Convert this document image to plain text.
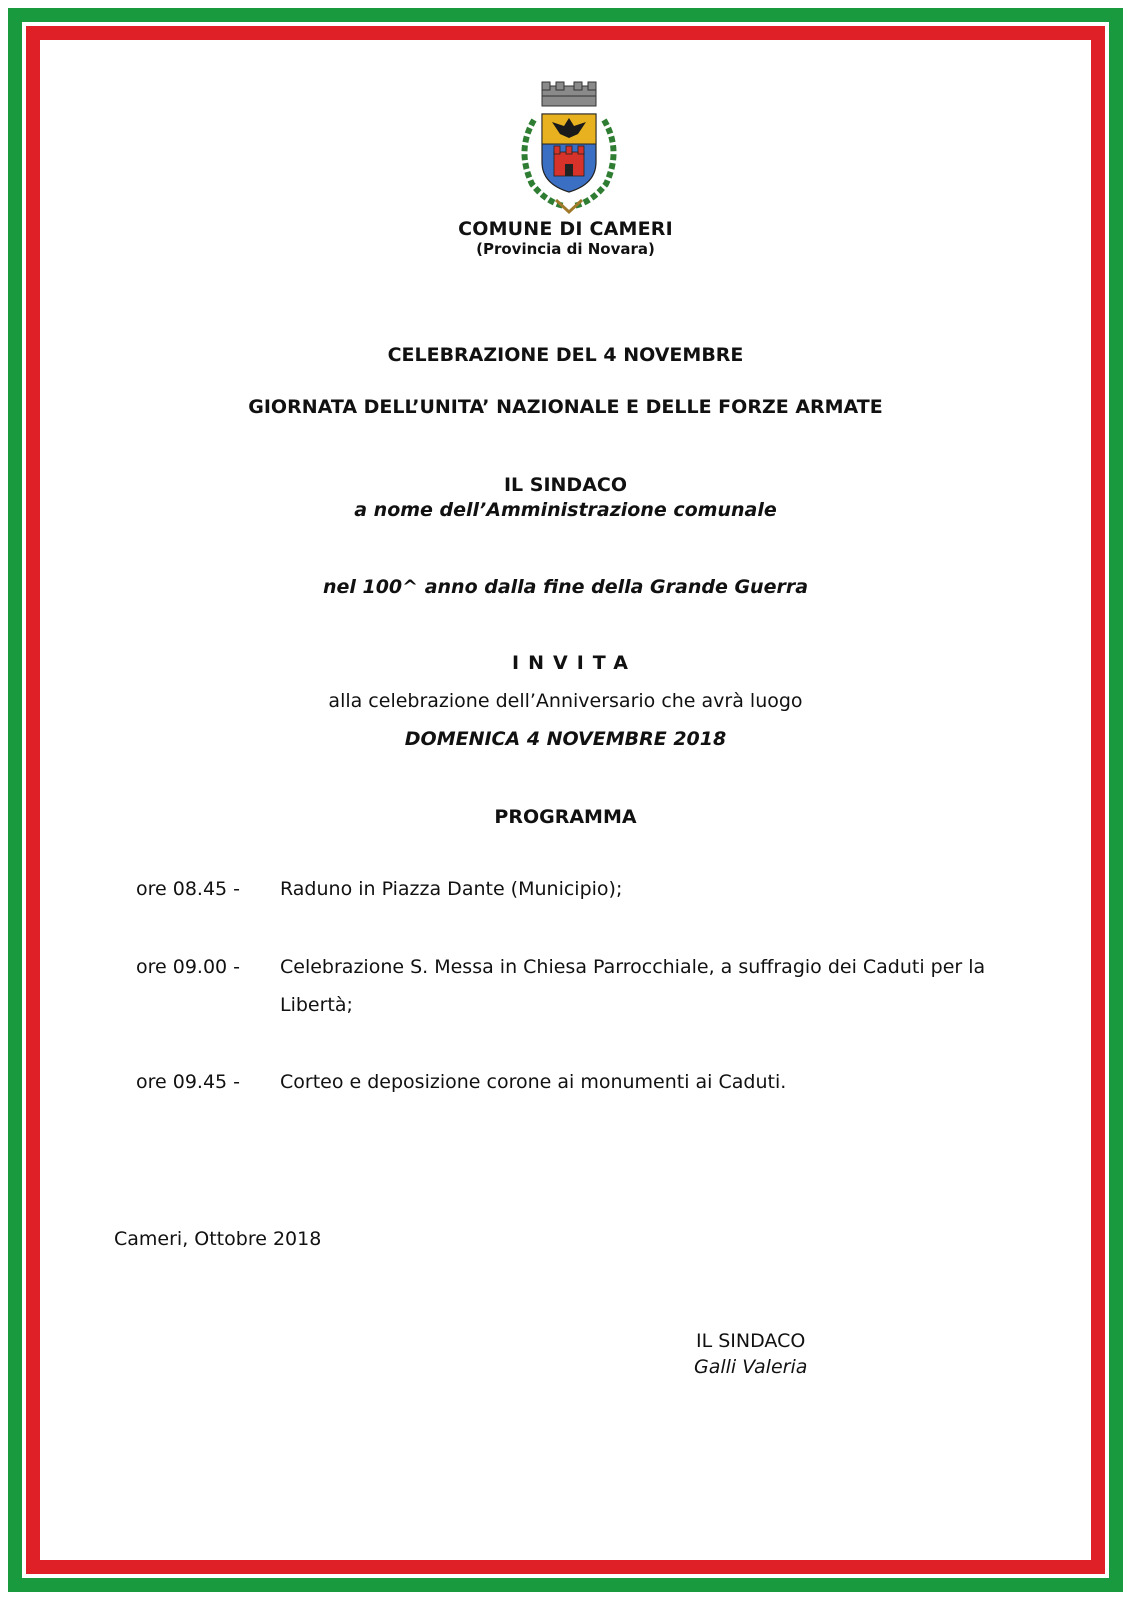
COMUNE DI CAMERI
(Provincia di Novara)
CELEBRAZIONE DEL 4 NOVEMBRE
GIORNATA DELL’UNITA’ NAZIONALE E DELLE FORZE ARMATE
IL SINDACO
a nome dell’Amministrazione comunale
nel 100^ anno dalla fine della Grande Guerra
INVITA
alla celebrazione dell’Anniversario che avrà luogo
DOMENICA 4 NOVEMBRE 2018
PROGRAMMA
ore 08.45 - Raduno in Piazza Dante (Municipio);
ore 09.00 - Celebrazione S. Messa in Chiesa Parrocchiale, a suffragio dei Caduti per la Libertà;
ore 09.45 - Corteo e deposizione corone ai monumenti ai Caduti.
Cameri, Ottobre 2018
IL SINDACO
Galli Valeria
